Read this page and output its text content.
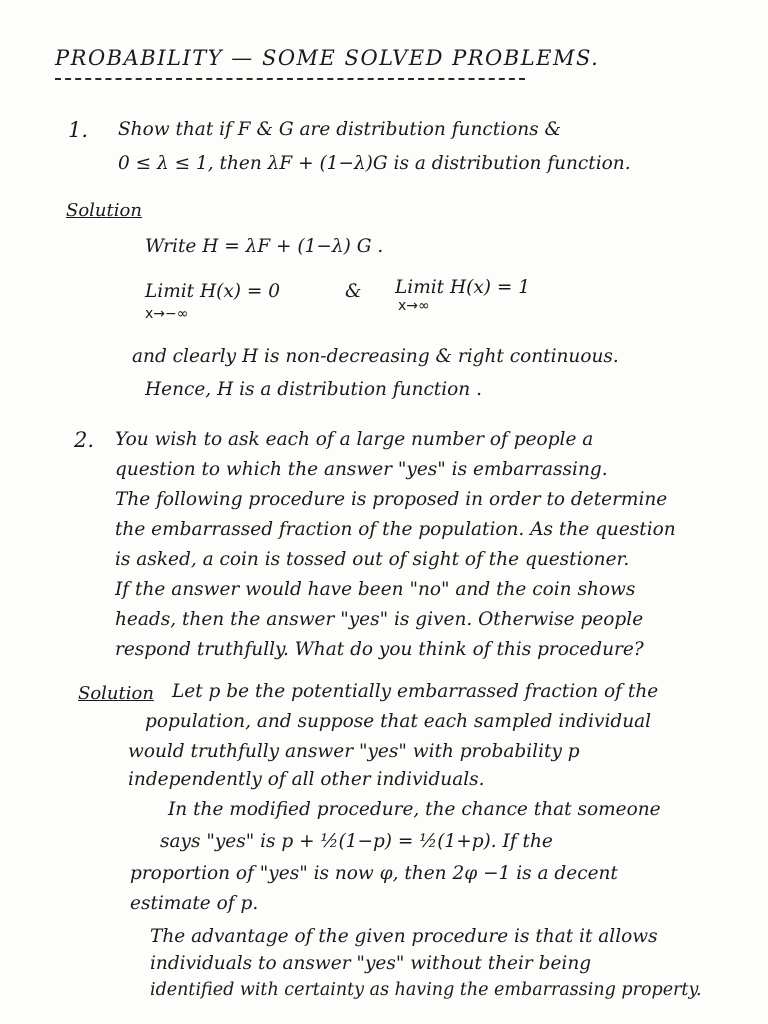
PROBABILITY — SOME SOLVED PROBLEMS.
1. Show that if F & G are distribution functions &
0 ≤ λ ≤ 1, then λF + (1−λ)G is a distribution function.
Solution
Write H = λF + (1−λ) G .
Limit H(x) = 0
x→−∞
& Limit H(x) = 1
x→∞
and clearly H is non-decreasing & right continuous.
Hence, H is a distribution function .
2. You wish to ask each of a large number of people a
question to which the answer "yes" is embarrassing.
The following procedure is proposed in order to determine
the embarrassed fraction of the population. As the question
is asked, a coin is tossed out of sight of the questioner.
If the answer would have been "no" and the coin shows
heads, then the answer "yes" is given. Otherwise people
respond truthfully. What do you think of this procedure?
Solution Let p be the potentially embarrassed fraction of the
population, and suppose that each sampled individual
would truthfully answer "yes" with probability p
independently of all other individuals.
In the modified procedure, the chance that someone
says "yes" is p + ½(1−p) = ½(1+p). If the
proportion of "yes" is now φ, then 2φ −1 is a decent
estimate of p.
The advantage of the given procedure is that it allows
individuals to answer "yes" without their being
identified with certainty as having the embarrassing property.
